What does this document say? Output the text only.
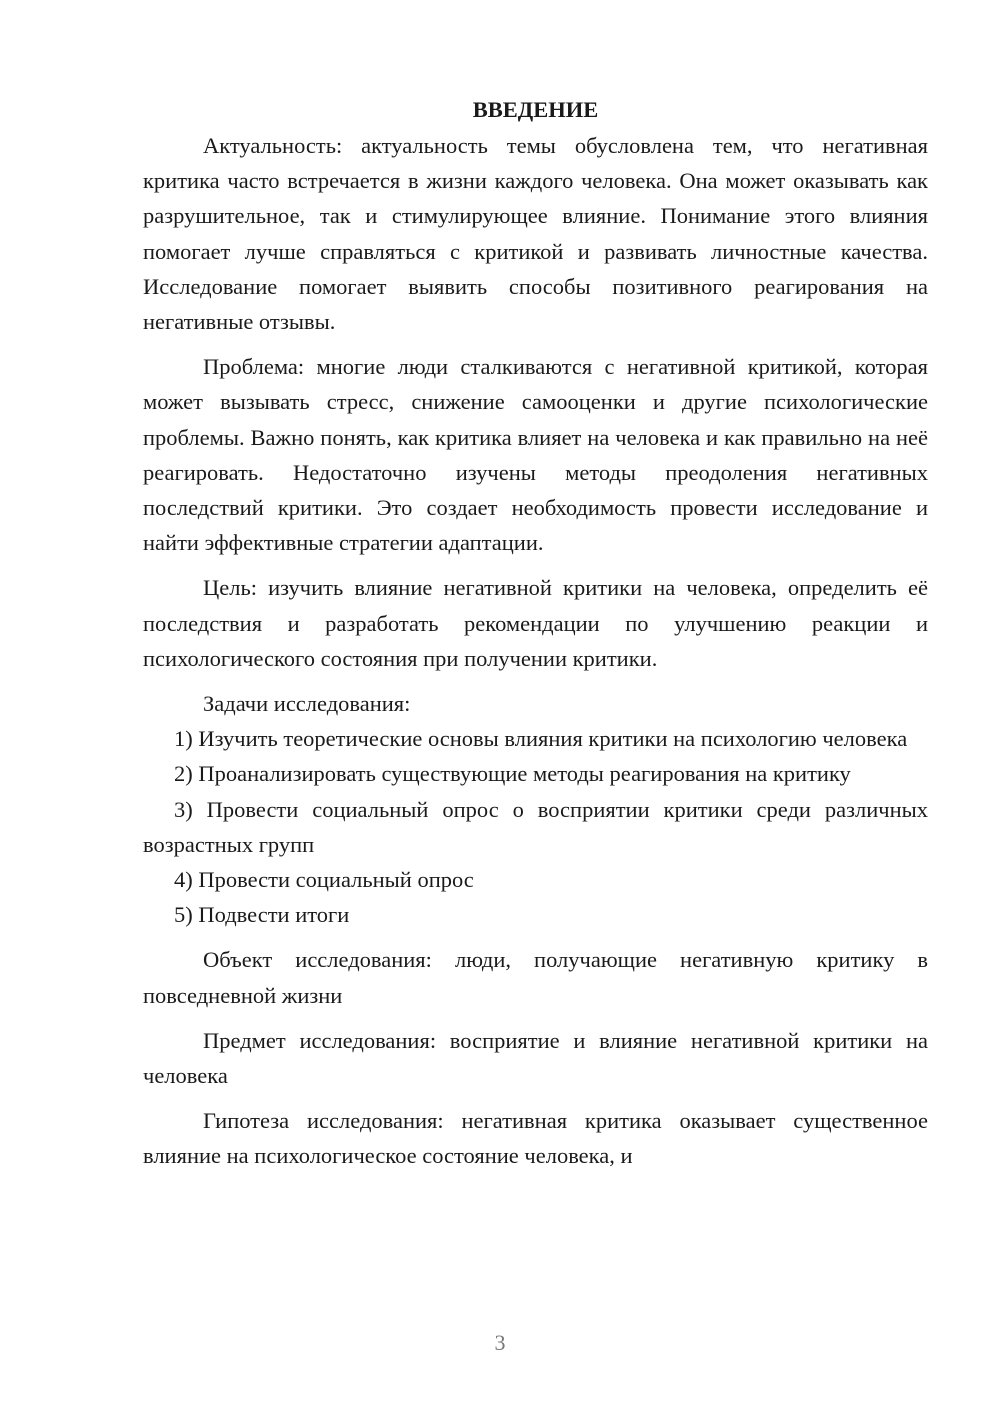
ВВЕДЕНИЕ

Актуальность: актуальность темы обусловлена тем, что негативная критика часто встречается в жизни каждого человека. Она может оказывать как разрушительное, так и стимулирующее влияние. Понимание этого влияния помогает лучше справляться с критикой и развивать личностные качества. Исследование помогает выявить способы позитивного реагирования на негативные отзывы.

Проблема: многие люди сталкиваются с негативной критикой, которая может вызывать стресс, снижение самооценки и другие психологические проблемы. Важно понять, как критика влияет на человека и как правильно на неё реагировать. Недостаточно изучены методы преодоления негативных последствий критики. Это создает необходимость провести исследование и найти эффективные стратегии адаптации.

Цель: изучить влияние негативной критики на человека, определить её последствия и разработать рекомендации по улучшению реакции и психологического состояния при получении критики.

Задачи исследования:

1) Изучить теоретические основы влияния критики на психологию человека

2) Проанализировать существующие методы реагирования на критику

3) Провести социальный опрос о восприятии критики среди различных возрастных групп

4) Провести социальный опрос

5) Подвести итоги

Объект исследования: люди, получающие негативную критику в повседневной жизни

Предмет исследования: восприятие и влияние негативной критики на человека

Гипотеза исследования: негативная критика оказывает существенное влияние на психологическое состояние человека, и

3
